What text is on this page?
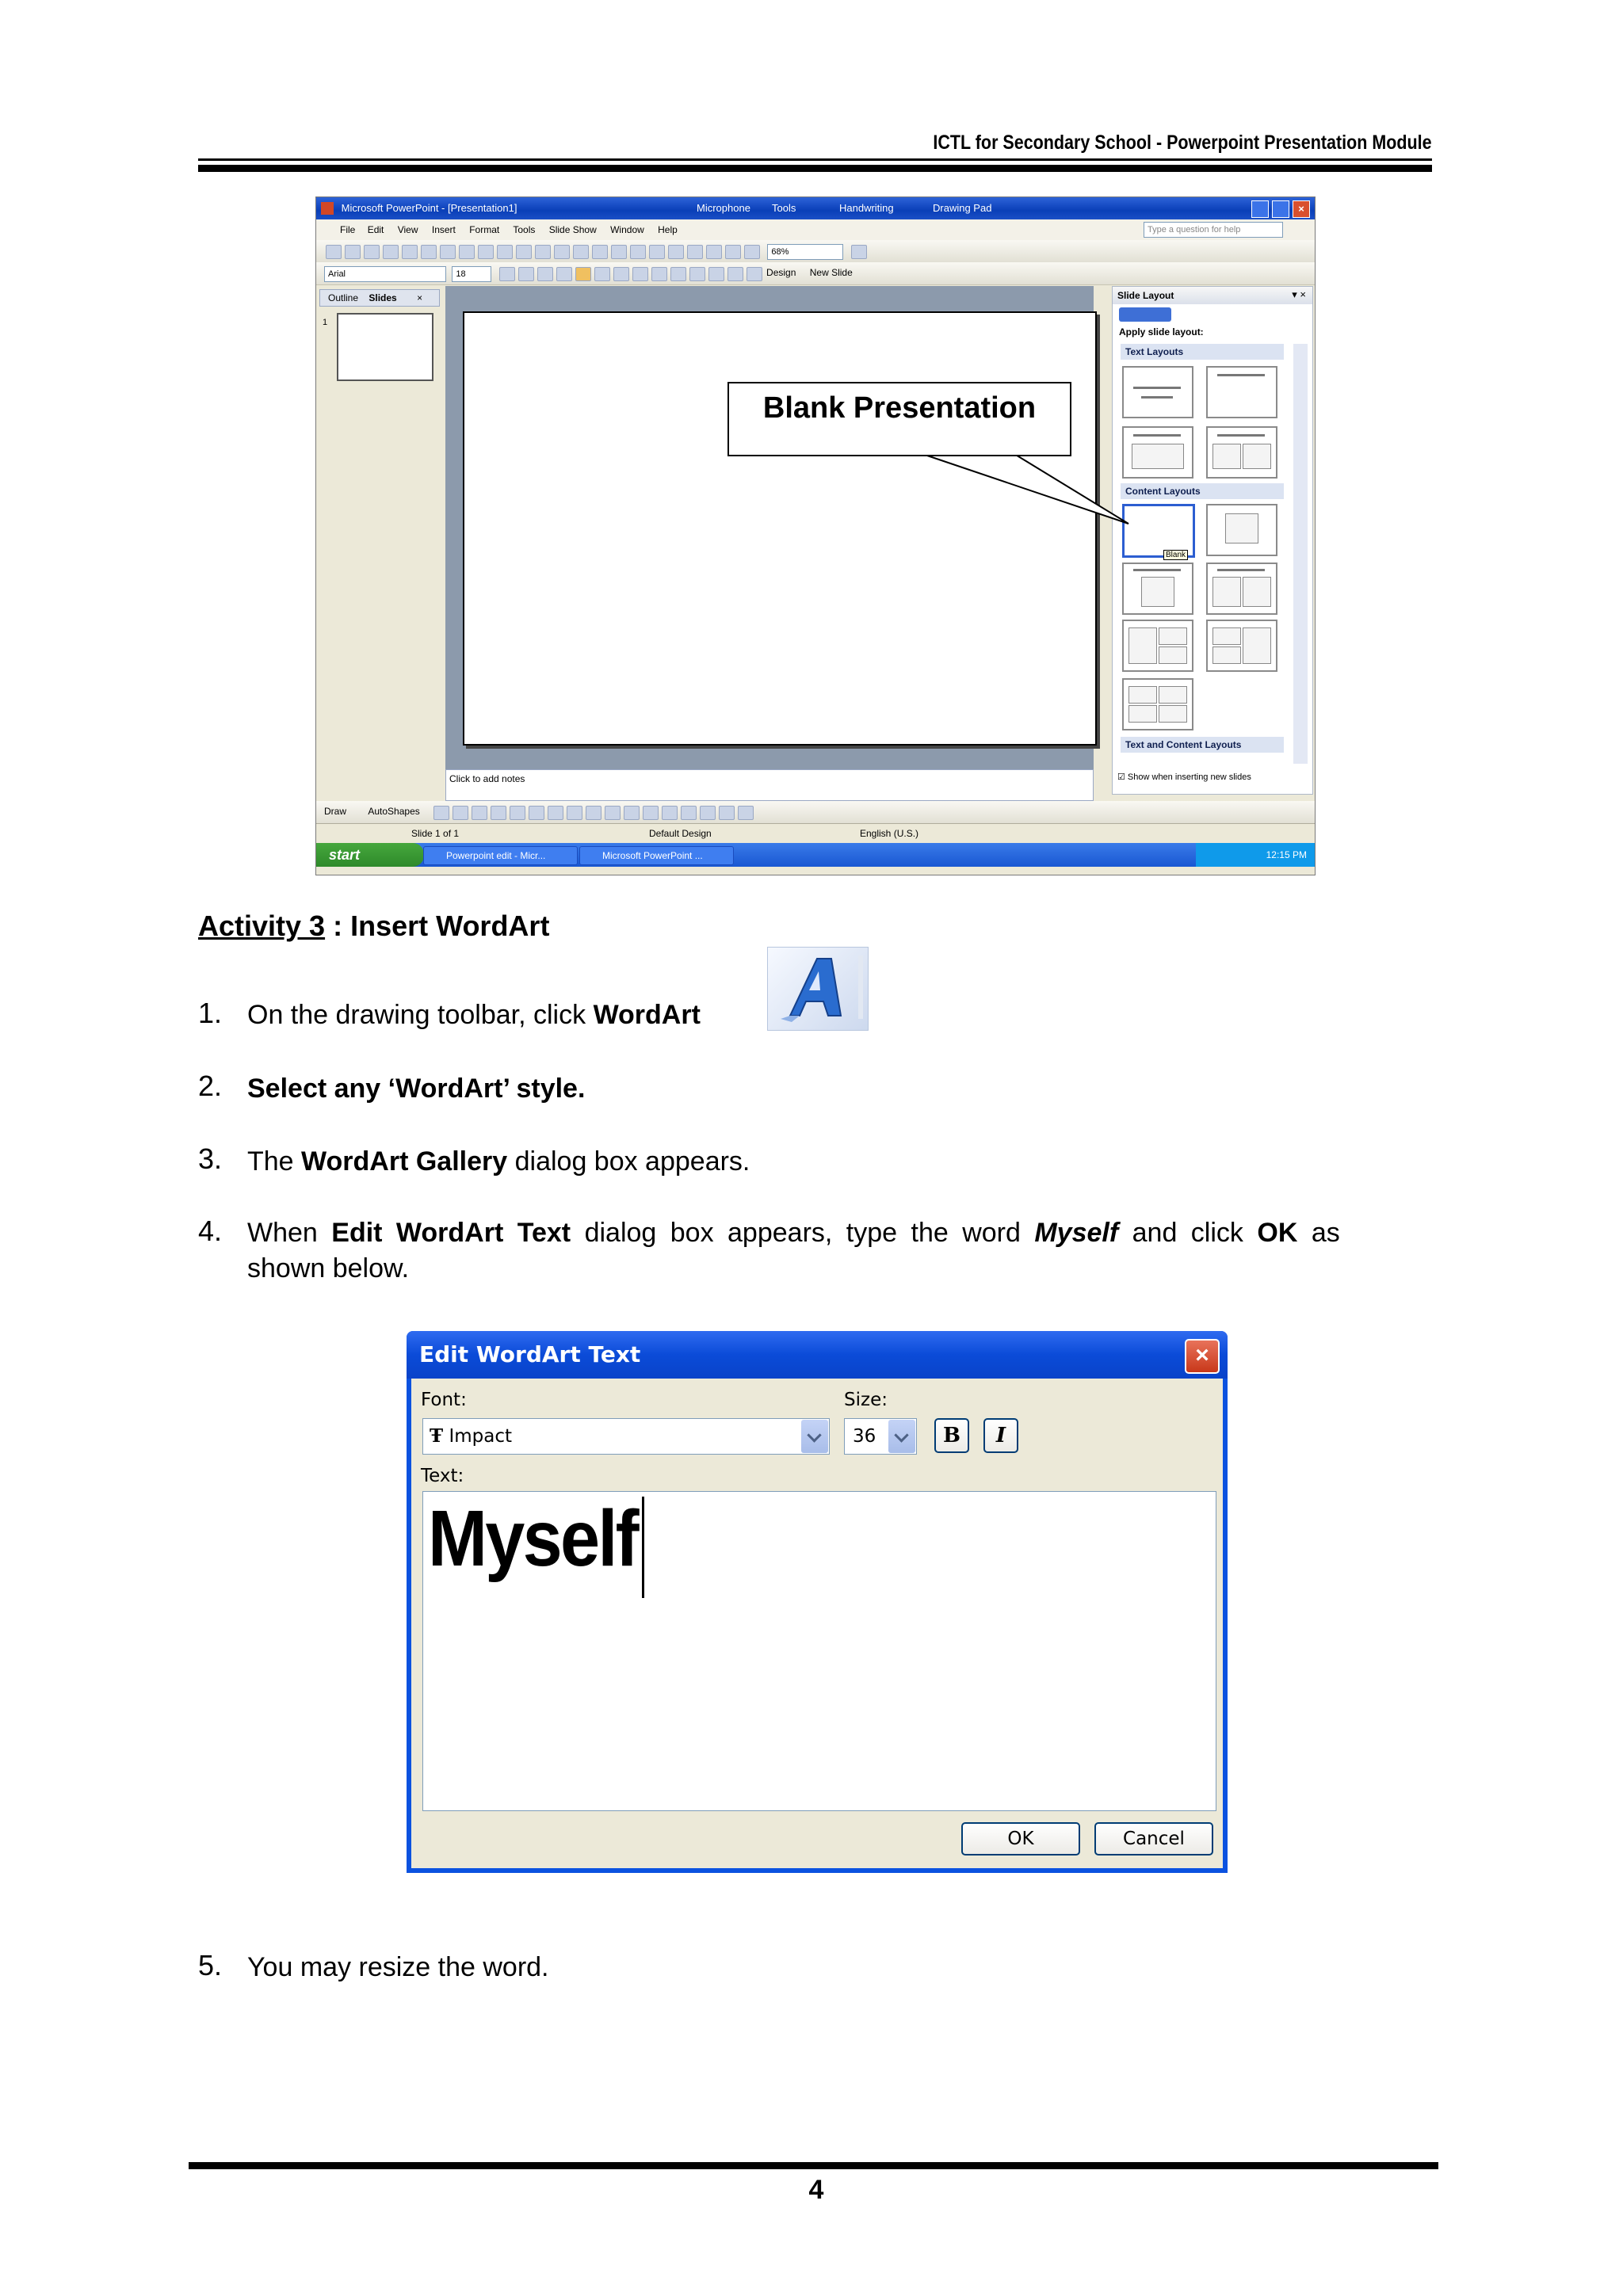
ICTL for Secondary School - Powerpoint Presentation Module
Microsoft PowerPoint - [Presentation1]	Microphone Tools	Handwriting	Drawing Pad	×
File Edit View Insert Format Tools Slide Show Window Help	Type a question for help
68%
Arial	18	Design New Slide
Outline Slides ×
1
Click to add notes
Slide Layout	▾ ×
Apply slide layout:
Text Layouts
Content Layouts
Blank
Text and Content Layouts
☑ Show when inserting new slides
Draw AutoShapes
Slide 1 of 1	Default Design	English (U.S.)
start	Powerpoint edit - Micr...	Microsoft PowerPoint ...	12:15 PM
Blank Presentation
Activity 3 : Insert WordArt
1. On the drawing toolbar, click WordArt
2. Select any ‘WordArt’ style.
3. The WordArt Gallery dialog box appears.
4. When Edit WordArt Text dialog box appears, type the word Myself and click OK as
shown below.
Edit WordArt Text	×
Font:
Ŧ Impact
Size:
36	B	I
Text:
Myself
OK	Cancel
5. You may resize the word.
4
